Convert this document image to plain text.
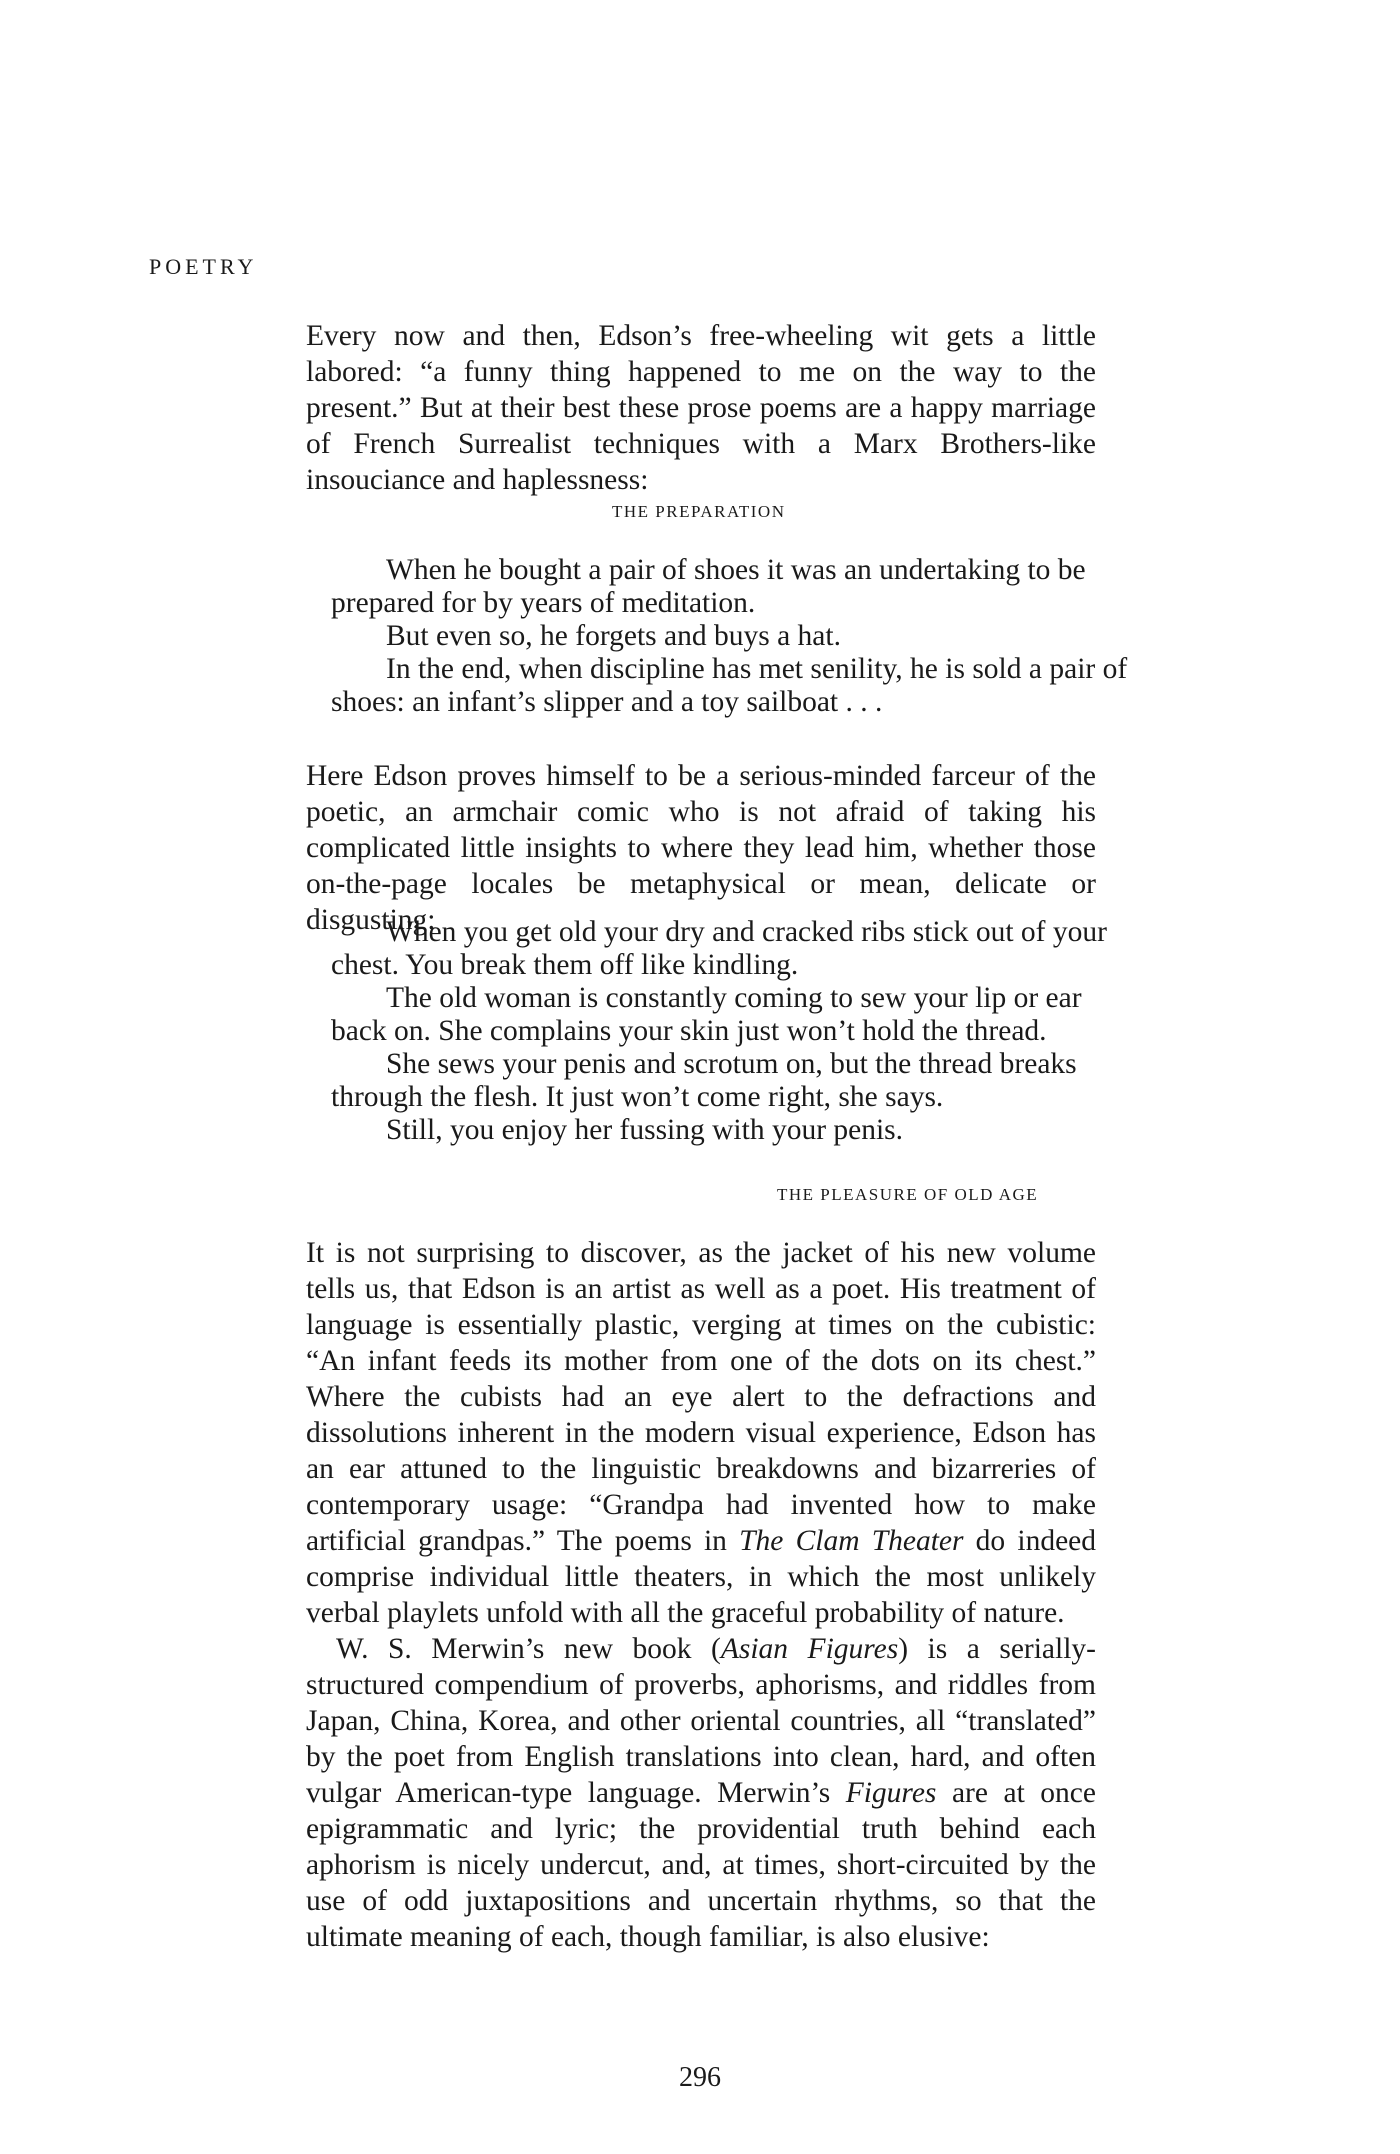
POETRY

Every now and then, Edson’s free-wheeling wit gets a little labored: “a funny thing happened to me on the way to the present.” But at their best these prose poems are a happy marriage of French Surrealist techniques with a Marx Brothers-like insouciance and haplessness:

THE PREPARATION
When he bought a pair of shoes it was an undertaking to be
prepared for by years of meditation.
But even so, he forgets and buys a hat.
In the end, when discipline has met senility, he is sold a pair of
shoes: an infant’s slipper and a toy sailboat . . .

Here Edson proves himself to be a serious-minded farceur of the poetic, an armchair comic who is not afraid of taking his complicated little insights to where they lead him, whether those on-the-page locales be metaphysical or mean, delicate or disgusting:

When you get old your dry and cracked ribs stick out of your
chest. You break them off like kindling.
The old woman is constantly coming to sew your lip or ear
back on. She complains your skin just won’t hold the thread.
She sews your penis and scrotum on, but the thread breaks
through the flesh. It just won’t come right, she says.
Still, you enjoy her fussing with your penis.
THE PLEASURE OF OLD AGE

It is not surprising to discover, as the jacket of his new volume tells us, that Edson is an artist as well as a poet. His treatment of language is essentially plastic, verging at times on the cubistic: “An infant feeds its mother from one of the dots on its chest.” Where the cubists had an eye alert to the defractions and dissolutions inherent in the modern visual experience, Edson has an ear attuned to the linguistic breakdowns and bizarreries of contemporary usage: “Grandpa had invented how to make artificial grandpas.” The poems in The Clam Theater do indeed comprise individual little theaters, in which the most unlikely verbal playlets unfold with all the graceful probability of nature.

W. S. Merwin’s new book (Asian Figures) is a serially-structured compendium of proverbs, aphorisms, and riddles from Japan, China, Korea, and other oriental countries, all “translated” by the poet from English translations into clean, hard, and often vulgar American-type language. Merwin’s Figures are at once epigrammatic and lyric; the providential truth behind each aphorism is nicely undercut, and, at times, short-circuited by the use of odd juxtapositions and uncertain rhythms, so that the ultimate meaning of each, though familiar, is also elusive:

296
